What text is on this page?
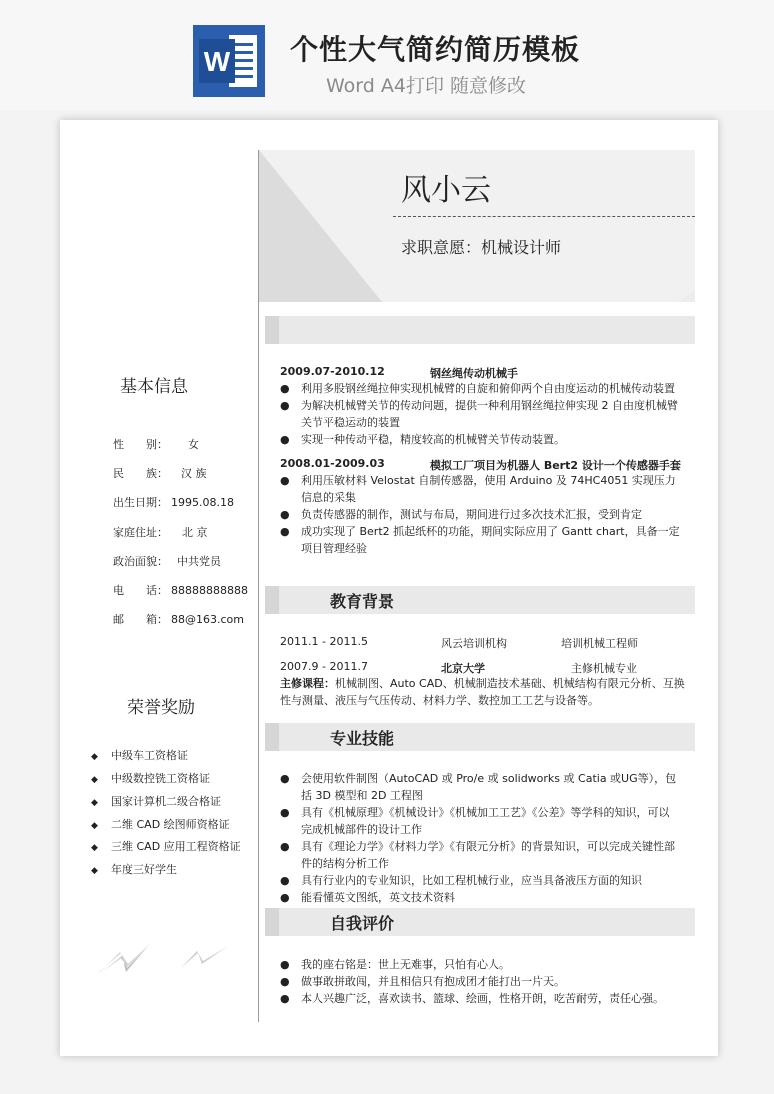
W 个性大气简约简历模板
Word A4打印 随意修改
风小云
求职意愿：机械设计师
2009.07-2010.12	钢丝绳传动机械手
● 利用多股钢丝绳拉伸实现机械臂的自旋和俯仰两个自由度运动的机械传动装置
● 为解决机械臂关节的传动问题，提供一种利用钢丝绳拉伸实现 2 自由度机械臂关节平稳运动的装置
● 实现一种传动平稳，精度较高的机械臂关节传动装置。
2008.01-2009.03	模拟工厂项目为机器人 Bert2 设计一个传感器手套
● 利用压敏材料 Velostat 自制传感器，使用 Arduino 及 74HC4051 实现压力信息的采集
● 负责传感器的制作，测试与布局，期间进行过多次技术汇报，受到肯定
● 成功实现了 Bert2 抓起纸杯的功能，期间实际应用了 Gantt chart，具备一定项目管理经验
教育背景
2011.1 - 2011.5	风云培训机构	培训机械工程师
2007.9 - 2011.7	北京大学	主修机械专业
主修课程：机械制图、Auto CAD、机械制造技术基础、机械结构有限元分析、互换性与测量、液压与气压传动、材料力学、数控加工工艺与设备等。
专业技能
● 会使用软件制图（AutoCAD 或 Pro/e 或 solidworks 或 Catia 或UG等），包括 3D 模型和 2D 工程图
● 具有《机械原理》《机械设计》《机械加工工艺》《公差》等学科的知识，可以完成机械部件的设计工作
● 具有《理论力学》《材料力学》《有限元分析》的背景知识，可以完成关键性部件的结构分析工作
● 具有行业内的专业知识，比如工程机械行业，应当具备液压方面的知识
● 能看懂英文图纸，英文技术资料
自我评价
● 我的座右铭是：世上无难事，只怕有心人。
● 做事敢拼敢闯，并且相信只有抱成团才能打出一片天。
● 本人兴趣广泛，喜欢读书、篮球、绘画，性格开朗，吃苦耐劳，责任心强。
基本信息
性　　别： 女
民　　族： 汉 族
出生日期： 1995.08.18
家庭住址： 北 京
政治面貌： 中共党员
电　　话： 88888888888
邮　　箱： 88@163.com
荣誉奖励
◆ 中级车工资格证
◆ 中级数控铣工资格证
◆ 国家计算机二级合格证
◆ 二维 CAD 绘图师资格证
◆ 三维 CAD 应用工程资格证
◆ 年度三好学生
